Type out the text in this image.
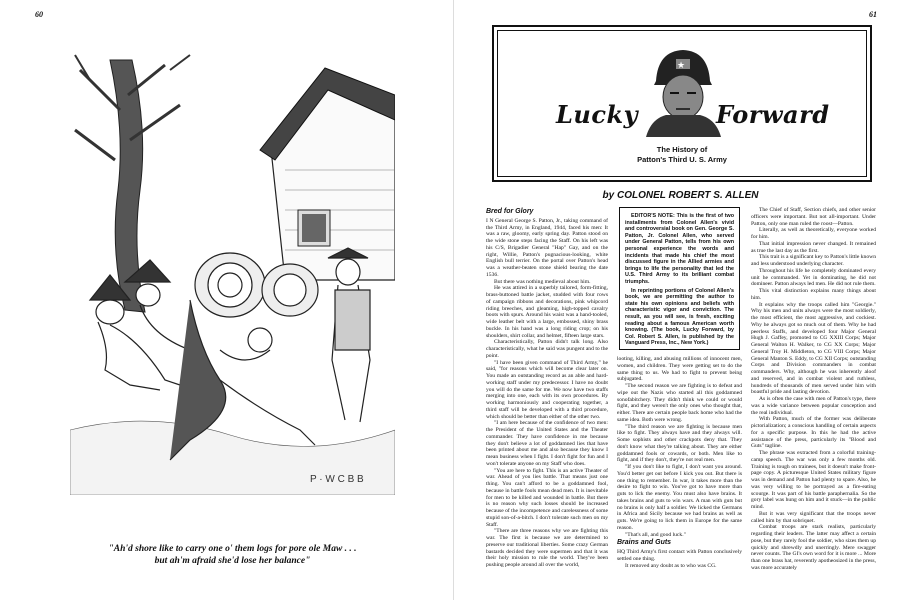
60
P · W C B B
"Ah'd shore like to carry one o' them logs for pore ole Maw . . .
but ah'm afraid she'd lose her balance"
61
Lucky
★
Forward
The History of
Patton's Third U. S. Army
by COLONEL ROBERT S. ALLEN
Bred for Glory

I N General George S. Patton, Jr., taking command of the Third Army, in England, 1944, faced his men: It was a raw, gloomy, early spring day. Patton stood on the wide stone steps facing the Staff. On his left was his C/S, Brigadier General "Hap" Gay, and on the right, Willie, Patton's pugnacious-looking, white English bull terrier. On the portal over Patton's head was a weather-beaten stone shield bearing the date 1536.

But there was nothing medieval about him.

He was attired in a superbly tailored, form-fitting, brass-buttoned battle jacket, studded with four rows of campaign ribbons and decorations, pink whipcord riding breeches, and gleaming, high-topped cavalry boots with spurs. Around his waist was a hand-tooled, wide leather belt with a large, embossed, shiny brass buckle. In his hand was a long riding crop; on his shoulders, shirt collar, and helmet, fifteen large stars.

Characteristically, Patton didn't talk long. Also characteristically, what he said was pungent and to the point.

"I have been given command of Third Army," he said, "for reasons which will become clear later on. You made an outstanding record as an able and hard-working staff under my predecessor. I have no doubt you will do the same for me. We now have two staffs merging into one, each with its own procedures. By working harmoniously and cooperating together, a third staff will be developed with a third procedure, which should be better than either of the other two.

"I am here because of the confidence of two men: the President of the United States and the Theater commander. They have confidence in me because they don't believe a lot of goddamned lies that have been printed about me and also because they know I mean business when I fight. I don't fight for fun and I won't tolerate anyone on my Staff who does.

"You are here to fight. This is an active Theater of war. Ahead of you lies battle. That means just one thing. You can't afford to be a goddamned fool, because in battle fools mean dead men. It is inevitable for men to be killed and wounded in battle. But there is no reason why such losses should be increased because of the incompetence and carelessness of some stupid son-of-a-bitch. I don't tolerate such men on my Staff.

"There are three reasons why we are fighting this war. The first is because we are determined to preserve our traditional liberties. Some crazy German bastards decided they were supermen and that it was their holy mission to rule the world. They've been pushing people around all over the world,

EDITOR'S NOTE: This is the first of two installments from Colonel Allen's vivid and controversial book on Gen. George S. Patton, Jr. Colonel Allen, who served under General Patton, tells from his own personal experience the words and incidents that made his chief the most discussed figure in the Allied armies and brings to life the personality that led the U.S. Third Army to its brilliant combat triumphs.

In reprinting portions of Colonel Allen's book, we are permitting the author to state his own opinions and beliefs with characteristic vigor and conviction. The result, as you will see, is fresh, exciting reading about a famous American worth knowing. (The book, Lucky Forward, by Col. Robert S. Allen, is published by the Vanguard Press, Inc., New York.)

looting, killing, and abusing millions of innocent men, women, and children. They were getting set to do the same thing to us. We had to fight to prevent being subjugated.

"The second reason we are fighting is to defeat and wipe out the Nazis who started all this goddamned sonofabitchery. They didn't think we could or would fight, and they weren't the only ones who thought that, either. There are certain people back home who had the same idea. Both were wrong.

"The third reason we are fighting is because men like to fight. They always have and they always will. Some sophists and other crackpots deny that. They don't know what they're talking about. They are either goddamned fools or cowards, or both. Men like to fight, and if they don't, they're not real men.

"If you don't like to fight, I don't want you around. You'd better get out before I kick you out. But there is one thing to remember. In war, it takes more than the desire to fight to win. You've got to have more than guts to lick the enemy. You must also have brains. It takes brains and guts to win wars. A man with guts but no brains is only half a soldier. We licked the Germans in Africa and Sicily because we had brains as well as guts. We're going to lick them in Europe for the same reason.

"That's all, and good luck."

Brains and Guts

HQ Third Army's first contact with Patton conclusively settled one thing.

It removed any doubt as to who was CG.

The Chief of Staff, Section chiefs, and other senior officers were important. But not all-important. Under Patton, only one man ruled the roost—Patton.

Literally, as well as theoretically, everyone worked for him.

That initial impression never changed. It remained as true the last day as the first.

This trait is a significant key to Patton's little known and less understood underlying character.

Throughout his life he completely dominated every unit he commanded. Yet in dominating, he did not domineer. Patton always led men. He did not rule them.

This vital distinction explains many things about him.

It explains why the troops called him "Georgie." Why his men and units always were the most soldierly, the most efficient, the most aggressive, and cockiest. Why he always got so much out of them. Why he had peerless Staffs, and developed four Major General Hugh J. Gaffey, promoted to CG XXIII Corps; Major General Walton H. Walker, to CG XX Corps; Major General Troy H. Middleton, to CG VIII Corps; Major General Manton S. Eddy, to CG XII Corps; outstanding Corps and Division commanders in combat commanders. Why, although he was inherently aloof and reserved, and in combat violent and ruthless, hundreds of thousands of men served under him with boastful pride and lasting devotion.

As is often the case with men of Patton's type, there was a wide variance between popular conception and the real individual.

With Patton, much of the former was deliberate pictorialization; a conscious handling of certain aspects for a specific purpose. In this he had the active assistance of the press, particularly its "Blood and Guts" tagline.

The phrase was extracted from a colorful training-camp speech. The war was only a few months old. Training is tough on trainees, but it doesn't make front-page copy. A picturesque United States military figure was in demand and Patton had plenty to spare. Also, he was very willing to be portrayed as a fire-eating scourge. It was part of his battle paraphernalia. So the gory label was hung on him and it stuck—in the public mind.

But it was very significant that the troops never called him by that sobriquet.

Combat troops are stark realists, particularly regarding their leaders. The latter may affect a certain pose, but they rarely fool the soldier, who sizes them up quickly and shrewdly and unerringly. Mere swagger never counts. The GI's own word for it is more ... More than one brass hat, reverently apotheosized in the press, was more accurately
